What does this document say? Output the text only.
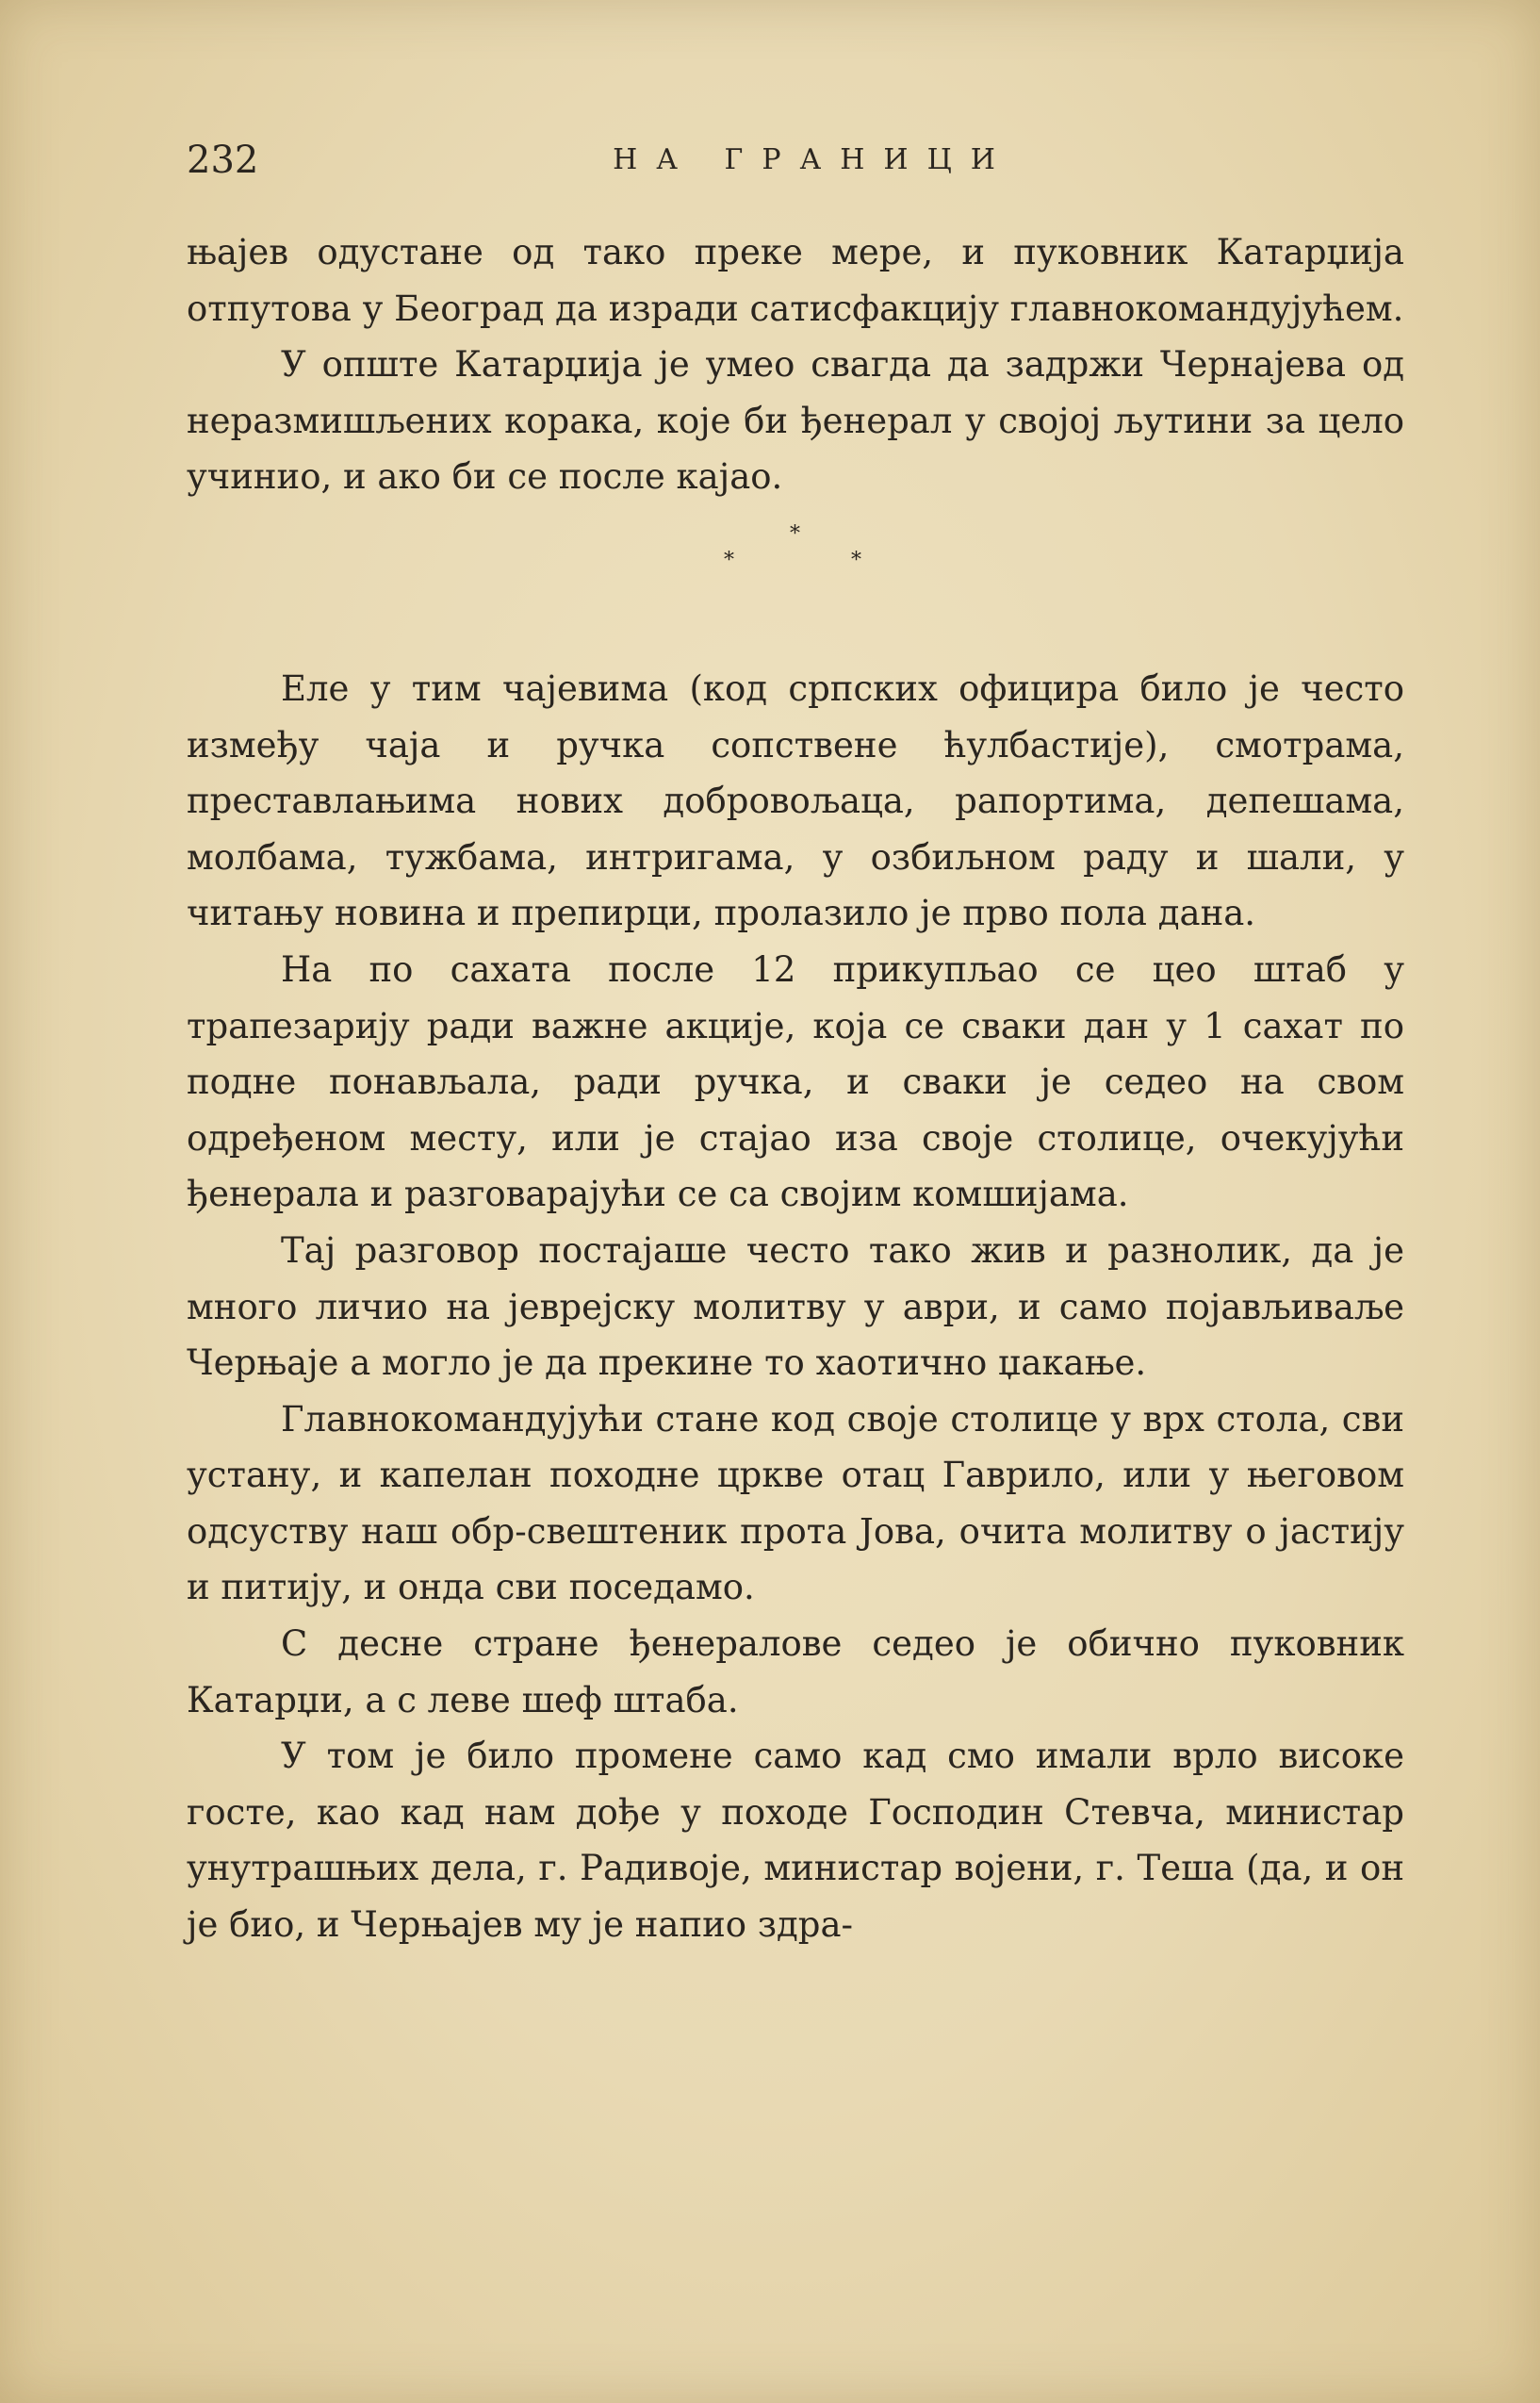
232	НА ГРАНИЦИ

њајев одустане од тако преке мере, и пуковник Катарџија отпутова у Београд да изради сатисфакцију главнокомандујућем.

У опште Катарџија је умео свагда да задржи Чернајева од неразмишљених корака, које би ђенерал у својој љутини за цело учинио, и ако би се после кајао.

*
*	*

Еле у тим чајевима (код српских официра било је често између чаја и ручка сопствене ћулбастије), смотрама, преставлањима нових добровољаца, рапортима, депешама, молбама, тужбама, интригама, у озбиљном раду и шали, у читању новина и препирци, пролазило је прво пола дана.

На по сахата после 12 прикупљао се цео штаб у трапезарију ради важне акције, која се сваки дан у 1 сахат по подне понављала, ради ручка, и сваки је седео на свом одређеном месту, или је стајао иза своје столице, очекујући ђенерала и разговарајући се са својим комшијама.

Тај разговор постајаше често тако жив и разнолик, да је много личио на јеврејску молитву у аври, и само појављиваље Черњаје а могло је да прекине то хаотично џакање.

Главнокомандујући стане код своје столице у врх стола, сви устану, и капелан походне цркве отац Гаврило, или у његовом одсуству наш обр-свештеник прота Јова, очита молитву о јастију и питију, и онда сви поседамо.

С десне стране ђенералове седео је обично пуковник Катарџи, а с леве шеф штаба.

У том је било промене само кад смо имали врло високе госте, као кад нам дође у походе Господин Стевча, министар унутрашњих дела, г. Радивоје, министар војени, г. Теша (да, и он је био, и Черњајев му је напио здра-
